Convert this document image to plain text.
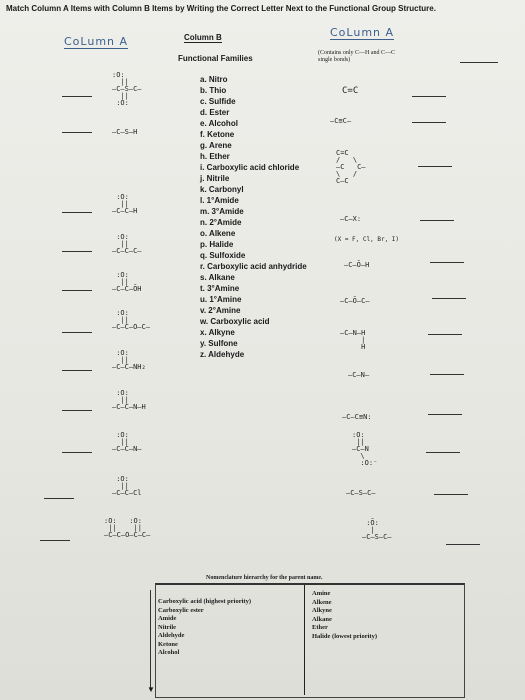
Match Column A Items with Column B Items by Writing the Correct Letter Next to the Functional Group Structure.
CoLumn A	Column B	CoLumn A
Functional Families
(Contains only C—H and C—C single bonds)
a. Nitro
b. Thio
c. Sulfide
d. Ester
e. Alcohol
f. Ketone
g. Arene
h. Ether
i. Carboxylic acid chloride
j. Nitrile
k. Carbonyl
l. 1°Amide
m. 3°Amide
n. 2°Amide
o. Alkene
p. Halide
q. Sulfoxide
r. Carboxylic acid anhydride
s. Alkane
t. 3°Amine
u. 1°Amine
v. 2°Amine
w. Carboxylic acid
x. Alkyne
y. Sulfone
z. Aldehyde
:O:
||
—C—S—C—
||
:O:
—C—S—H
:O:
||
—C—C—H
:O:
||
—C—C—C—
:O:
||
—C—C—ŌH
:O:
||
—C—C—O—C—
:O:
||
—C—C—NH₂
:O:
||
—C—C—N—H
:O:
||
—C—C—N—
:O:
||
—C—C—Cl
:O:   :O:
||    ||
—C—C—O—C—C—
C=C
—C≡C—
C=C
/   \
—C   C—
\   /
C—C
—C—X:
(X = F, Cl, Br, I)
—C—Ō—H
—C—Ō—C—
—C—N—H
|
H
—C—N—
—C—C≡N:
:O:
||
—C—N
\
:O:⁻
—C—S—C—
:Ō:
|
—C—S—C—
Nomenclature hierarchy for the parent name.
▼
Carboxylic acid (highest priority)
Carboxylic ester
Amide
Nitrile
Aldehyde
Ketone
Alcohol
Amine
Alkene
Alkyne
Alkane
Ether
Halide (lowest priority)
